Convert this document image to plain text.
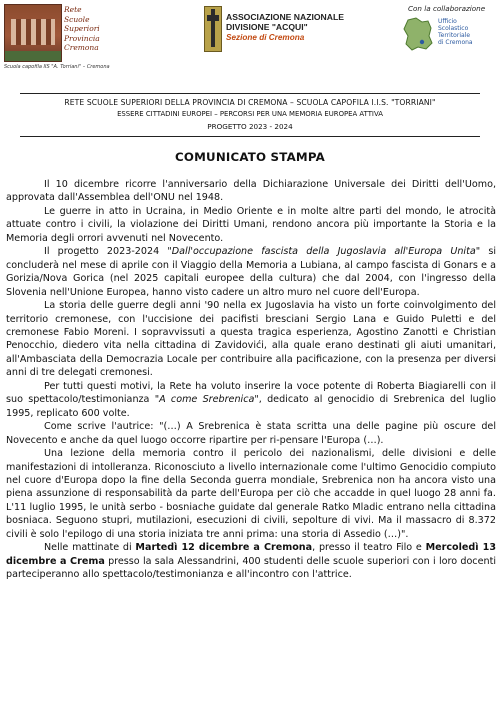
Rete
Scuole
Superiori
Provincia
Cremona
Scuola capofila IIS "A. Torriani" – Cremona
ASSOCIAZIONE NAZIONALE
DIVISIONE "ACQUI"
Sezione di Cremona
Con la collaborazione
Ufficio
Scolastico
Territoriale
di Cremona
RETE SCUOLE SUPERIORI DELLA PROVINCIA DI CREMONA – SCUOLA CAPOFILA I.I.S. "TORRIANI"
ESSERE CITTADINI EUROPEI – PERCORSI PER UNA MEMORIA EUROPEA ATTIVA
PROGETTO 2023 - 2024
COMUNICATO STAMPA

Il 10 dicembre ricorre l'anniversario della Dichiarazione Universale dei Diritti dell'Uomo, approvata dall'Assemblea dell'ONU nel 1948.

Le guerre in atto in Ucraina, in Medio Oriente e in molte altre parti del mondo, le atrocità attuate contro i civili, la violazione dei Diritti Umani, rendono ancora più importante la Storia e la Memoria degli orrori avvenuti nel Novecento.

Il progetto 2023-2024 "Dall'occupazione fascista della Jugoslavia all'Europa Unita" si concluderà nel mese di aprile con il Viaggio della Memoria a Lubiana, al campo fascista di Gonars e a Gorizia/Nova Gorica (nel 2025 capitali europee della cultura) che dal 2004, con l'ingresso della Slovenia nell'Unione Europea, hanno visto cadere un altro muro nel cuore dell'Europa.

La storia delle guerre degli anni '90 nella ex Jugoslavia ha visto un forte coinvolgimento del territorio cremonese, con l'uccisione dei pacifisti bresciani Sergio Lana e Guido Puletti e del cremonese Fabio Moreni. I sopravvissuti a questa tragica esperienza, Agostino Zanotti e Christian Penocchio, diedero vita nella cittadina di Zavidovići, alla quale erano destinati gli aiuti umanitari, all'Ambasciata della Democrazia Locale per contribuire alla pacificazione, con la presenza per diversi anni di tre delegati cremonesi.

Per tutti questi motivi, la Rete ha voluto inserire la voce potente di Roberta Biagiarelli con il suo spettacolo/testimonianza "A come Srebrenica", dedicato al genocidio di Srebrenica del luglio 1995, replicato 600 volte.

Come scrive l'autrice: "(…) A Srebrenica è stata scritta una delle pagine più oscure del Novecento e anche da quel luogo occorre ripartire per ri-pensare l'Europa (…).

Una lezione della memoria contro il pericolo dei nazionalismi, delle divisioni e delle manifestazioni di intolleranza. Riconosciuto a livello internazionale come l'ultimo Genocidio compiuto nel cuore d'Europa dopo la fine della Seconda guerra mondiale, Srebrenica non ha ancora visto una piena assunzione di responsabilità da parte dell'Europa per ciò che accadde in quel luogo 28 anni fa. L'11 luglio 1995, le unità serbo - bosniache guidate dal generale Ratko Mladic entrano nella cittadina bosniaca. Seguono stupri, mutilazioni, esecuzioni di civili, sepolture di vivi. Ma il massacro di 8.372 civili è solo l'epilogo di una storia iniziata tre anni prima: una storia di Assedio (…)".

Nelle mattinate di Martedì 12 dicembre a Cremona, presso il teatro Filo e Mercoledì 13 dicembre a Crema presso la sala Alessandrini, 400 studenti delle scuole superiori con i loro docenti parteciperanno allo spettacolo/testimonianza e all'incontro con l'attrice.
